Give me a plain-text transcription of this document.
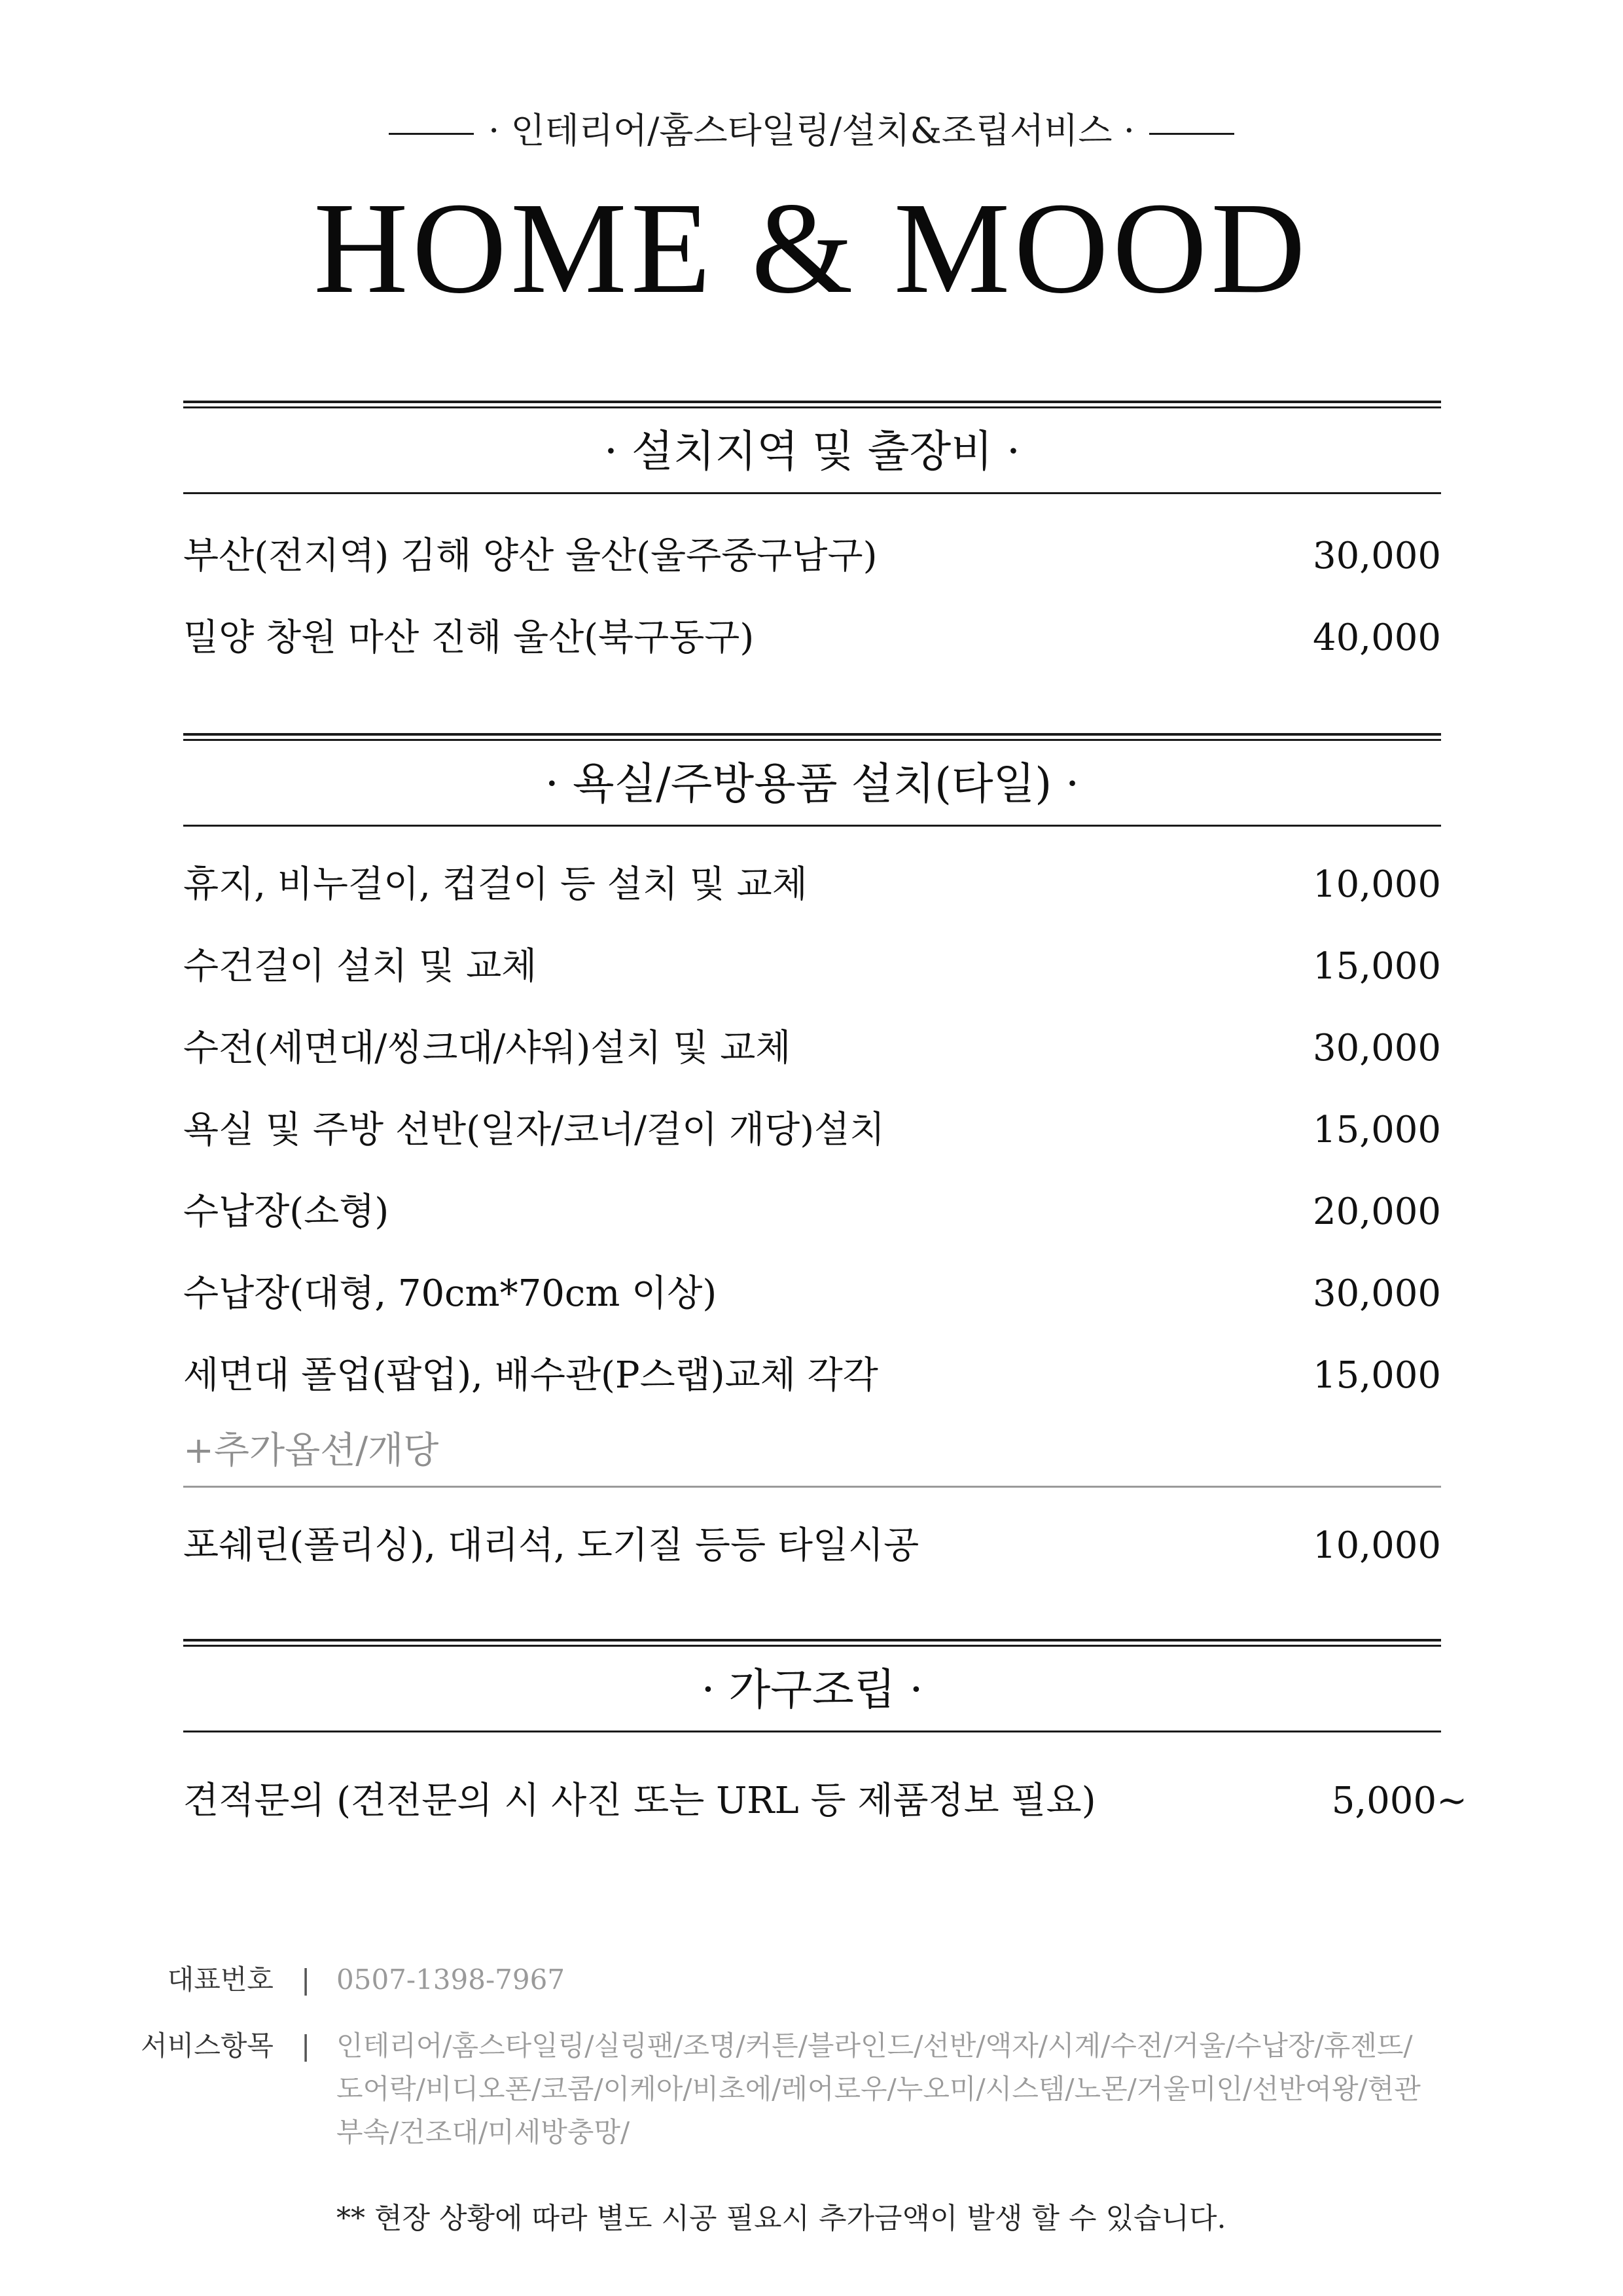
· 인테리어/홈스타일링/설치&조립서비스 ·
HOME & MOOD
· 설치지역 및 출장비 ·
부산(전지역) 김해 양산 울산(울주중구남구)	30,000
밀양 창원 마산 진해 울산(북구동구)	40,000
· 욕실/주방용품 설치(타일) ·
휴지, 비누걸이, 컵걸이 등 설치 및 교체	10,000
수건걸이 설치 및 교체	15,000
수전(세면대/씽크대/샤워)설치 및 교체	30,000
욕실 및 주방 선반(일자/코너/걸이 개당)설치	15,000
수납장(소형)	20,000
수납장(대형, 70cm*70cm 이상)	30,000
세면대 폴업(팝업), 배수관(P스랩)교체 각각	15,000
+추가옵션/개당
포쉐린(폴리싱), 대리석, 도기질 등등 타일시공	10,000
· 가구조립 ·
견적문의 (견전문의 시 사진 또는 URL 등 제품정보 필요)	5,000~
대표번호 | 0507-1398-7967
서비스항목 | 인테리어/홈스타일링/실링팬/조명/커튼/블라인드/선반/액자/시계/수전/거울/수납장/휴젠뜨/
도어락/비디오폰/코콤/이케아/비초에/레어로우/누오미/시스템/노몬/거울미인/선반여왕/현관
부속/건조대/미세방충망/
** 현장 상황에 따라 별도 시공 필요시 추가금액이 발생 할 수 있습니다.
